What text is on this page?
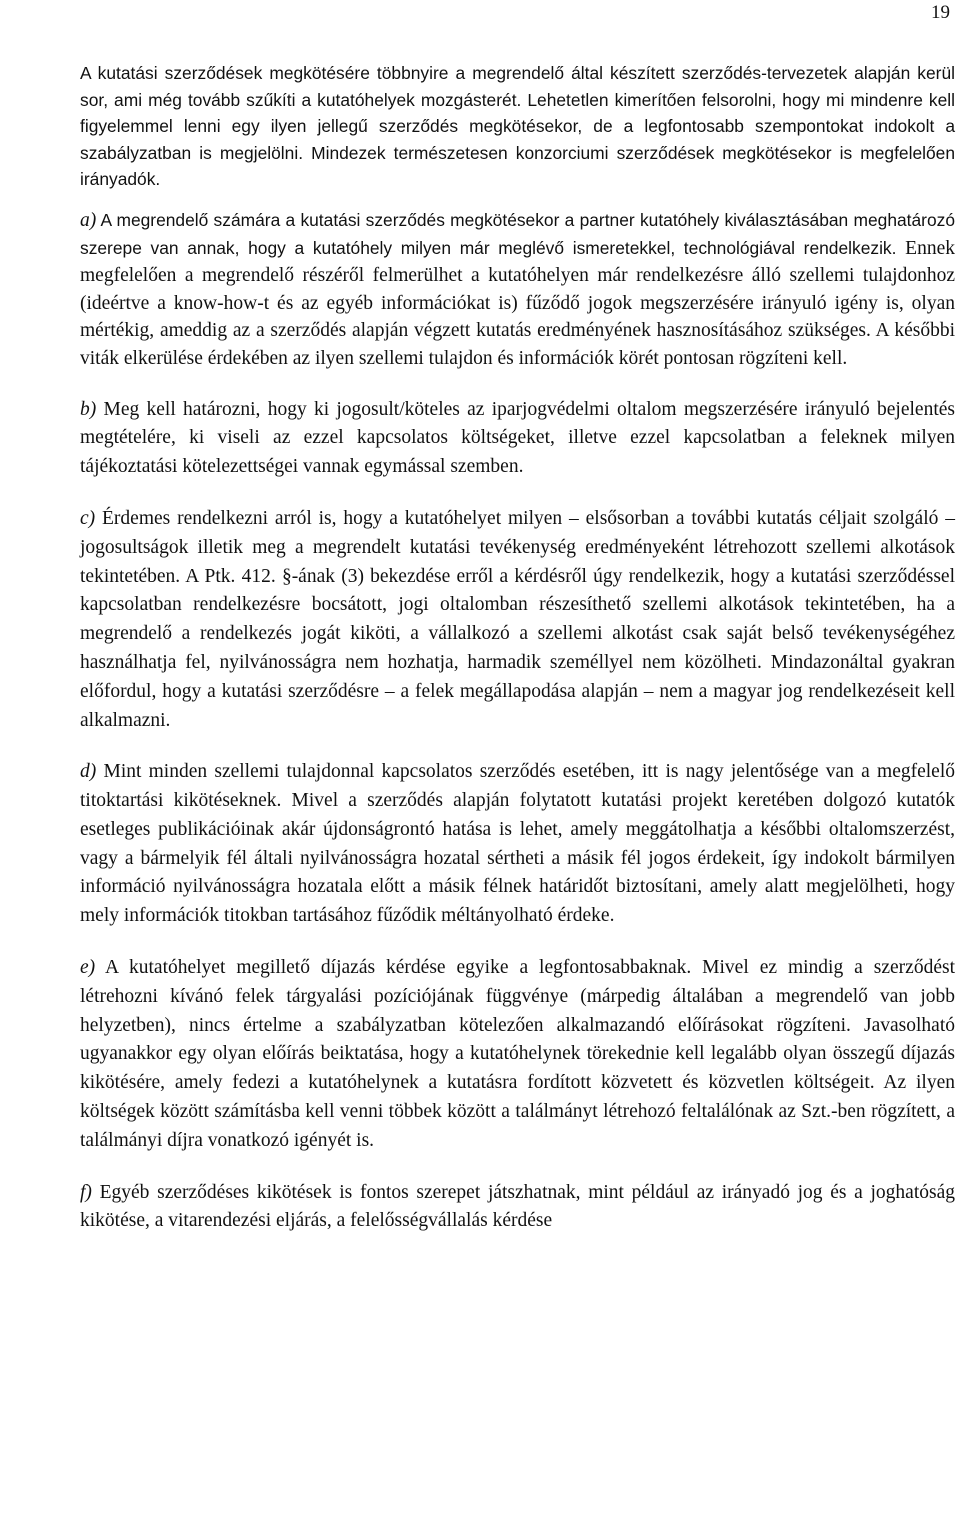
19

A kutatási szerződések megkötésére többnyire a megrendelő által készített szerződés-tervezetek alapján kerül sor, ami még tovább szűkíti a kutatóhelyek mozgásterét. Lehetetlen kimerítően felsorolni, hogy mi mindenre kell figyelemmel lenni egy ilyen jellegű szerződés megkötésekor, de a legfontosabb szempontokat indokolt a szabályzatban is megjelölni. Mindezek természetesen konzorciumi szerződések megkötésekor is megfelelően irányadók.

a) A megrendelő számára a kutatási szerződés megkötésekor a partner kutatóhely kiválasztásában meghatározó szerepe van annak, hogy a kutatóhely milyen már meglévő ismeretekkel, technológiával rendelkezik. Ennek megfelelően a megrendelő részéről felmerülhet a kutatóhelyen már rendelkezésre álló szellemi tulajdonhoz (ideértve a know-how-t és az egyéb információkat is) fűződő jogok megszerzésére irányuló igény is, olyan mértékig, ameddig az a szerződés alapján végzett kutatás eredményének hasznosításához szükséges. A későbbi viták elkerülése érdekében az ilyen szellemi tulajdon és információk körét pontosan rögzíteni kell.

b) Meg kell határozni, hogy ki jogosult/köteles az iparjogvédelmi oltalom megszerzésére irányuló bejelentés megtételére, ki viseli az ezzel kapcsolatos költségeket, illetve ezzel kapcsolatban a feleknek milyen tájékoztatási kötelezettségei vannak egymással szemben.

c) Érdemes rendelkezni arról is, hogy a kutatóhelyet milyen – elsősorban a további kutatás céljait szolgáló – jogosultságok illetik meg a megrendelt kutatási tevékenység eredményeként létrehozott szellemi alkotások tekintetében. A Ptk. 412. §-ának (3) bekezdése erről a kérdésről úgy rendelkezik, hogy a kutatási szerződéssel kapcsolatban rendelkezésre bocsátott, jogi oltalomban részesíthető szellemi alkotások tekintetében, ha a megrendelő a rendelkezés jogát kiköti, a vállalkozó a szellemi alkotást csak saját belső tevékenységéhez használhatja fel, nyilvánosságra nem hozhatja, harmadik személlyel nem közölheti. Mindazonáltal gyakran előfordul, hogy a kutatási szerződésre – a felek megállapodása alapján – nem a magyar jog rendelkezéseit kell alkalmazni.

d) Mint minden szellemi tulajdonnal kapcsolatos szerződés esetében, itt is nagy jelentősége van a megfelelő titoktartási kikötéseknek. Mivel a szerződés alapján folytatott kutatási projekt keretében dolgozó kutatók esetleges publikációinak akár újdonságrontó hatása is lehet, amely meggátolhatja a későbbi oltalomszerzést, vagy a bármelyik fél általi nyilvánosságra hozatal sértheti a másik fél jogos érdekeit, így indokolt bármilyen információ nyilvánosságra hozatala előtt a másik félnek határidőt biztosítani, amely alatt megjelölheti, hogy mely információk titokban tartásához fűződik méltányolható érdeke.

e) A kutatóhelyet megillető díjazás kérdése egyike a legfontosabbaknak. Mivel ez mindig a szerződést létrehozni kívánó felek tárgyalási pozíciójának függvénye (márpedig általában a megrendelő van jobb helyzetben), nincs értelme a szabályzatban kötelezően alkalmazandó előírásokat rögzíteni. Javasolható ugyanakkor egy olyan előírás beiktatása, hogy a kutatóhelynek törekednie kell legalább olyan összegű díjazás kikötésére, amely fedezi a kutatóhelynek a kutatásra fordított közvetett és közvetlen költségeit. Az ilyen költségek között számításba kell venni többek között a találmányt létrehozó feltalálónak az Szt.-ben rögzített, a találmányi díjra vonatkozó igényét is.

f) Egyéb szerződéses kikötések is fontos szerepet játszhatnak, mint például az irányadó jog és a joghatóság kikötése, a vitarendezési eljárás, a felelősségvállalás kérdése
